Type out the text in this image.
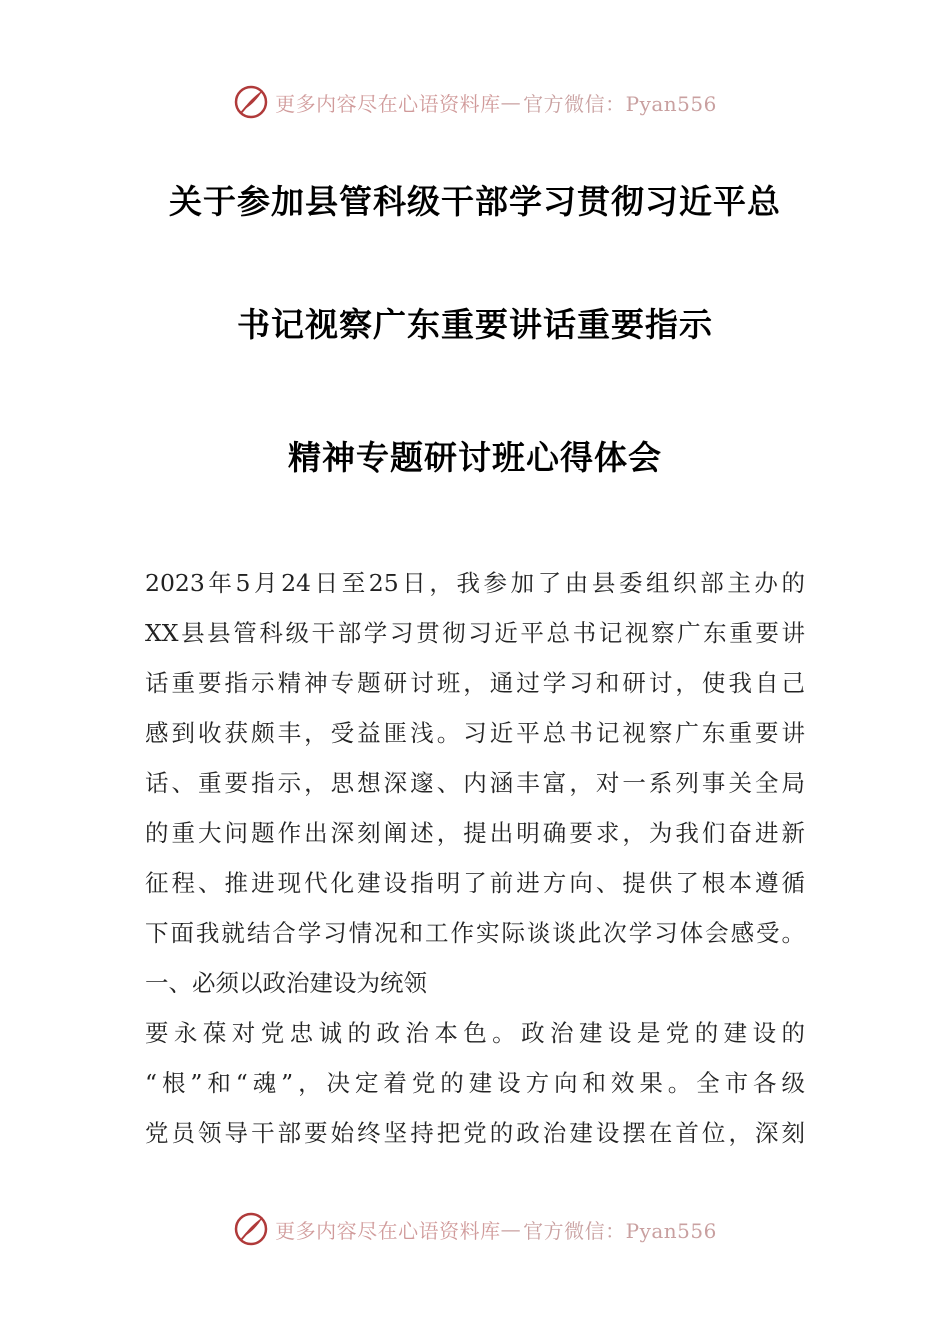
更多内容尽在心语资料库 — 官方微信：Pyan556
关于参加县管科级干部学习贯彻习近平总
书记视察广东重要讲话重要指示
精神专题研讨班心得体会
2023年5月24日至25日，我参加了由县委组织部主办的
XX县县管科级干部学习贯彻习近平总书记视察广东重要讲
话重要指示精神专题研讨班，通过学习和研讨，使我自己
感到收获颇丰，受益匪浅。习近平总书记视察广东重要讲
话、重要指示，思想深邃、内涵丰富，对一系列事关全局
的重大问题作出深刻阐述，提出明确要求，为我们奋进新
征程、推进现代化建设指明了前进方向、提供了根本遵循
下面我就结合学习情况和工作实际谈谈此次学习体会感受。
一、必须以政治建设为统领
要永葆对党忠诚的政治本色。政治建设是党的建设的
“根”和“魂”，决定着党的建设方向和效果。全市各级
党员领导干部要始终坚持把党的政治建设摆在首位，深刻
更多内容尽在心语资料库 — 官方微信：Pyan556
